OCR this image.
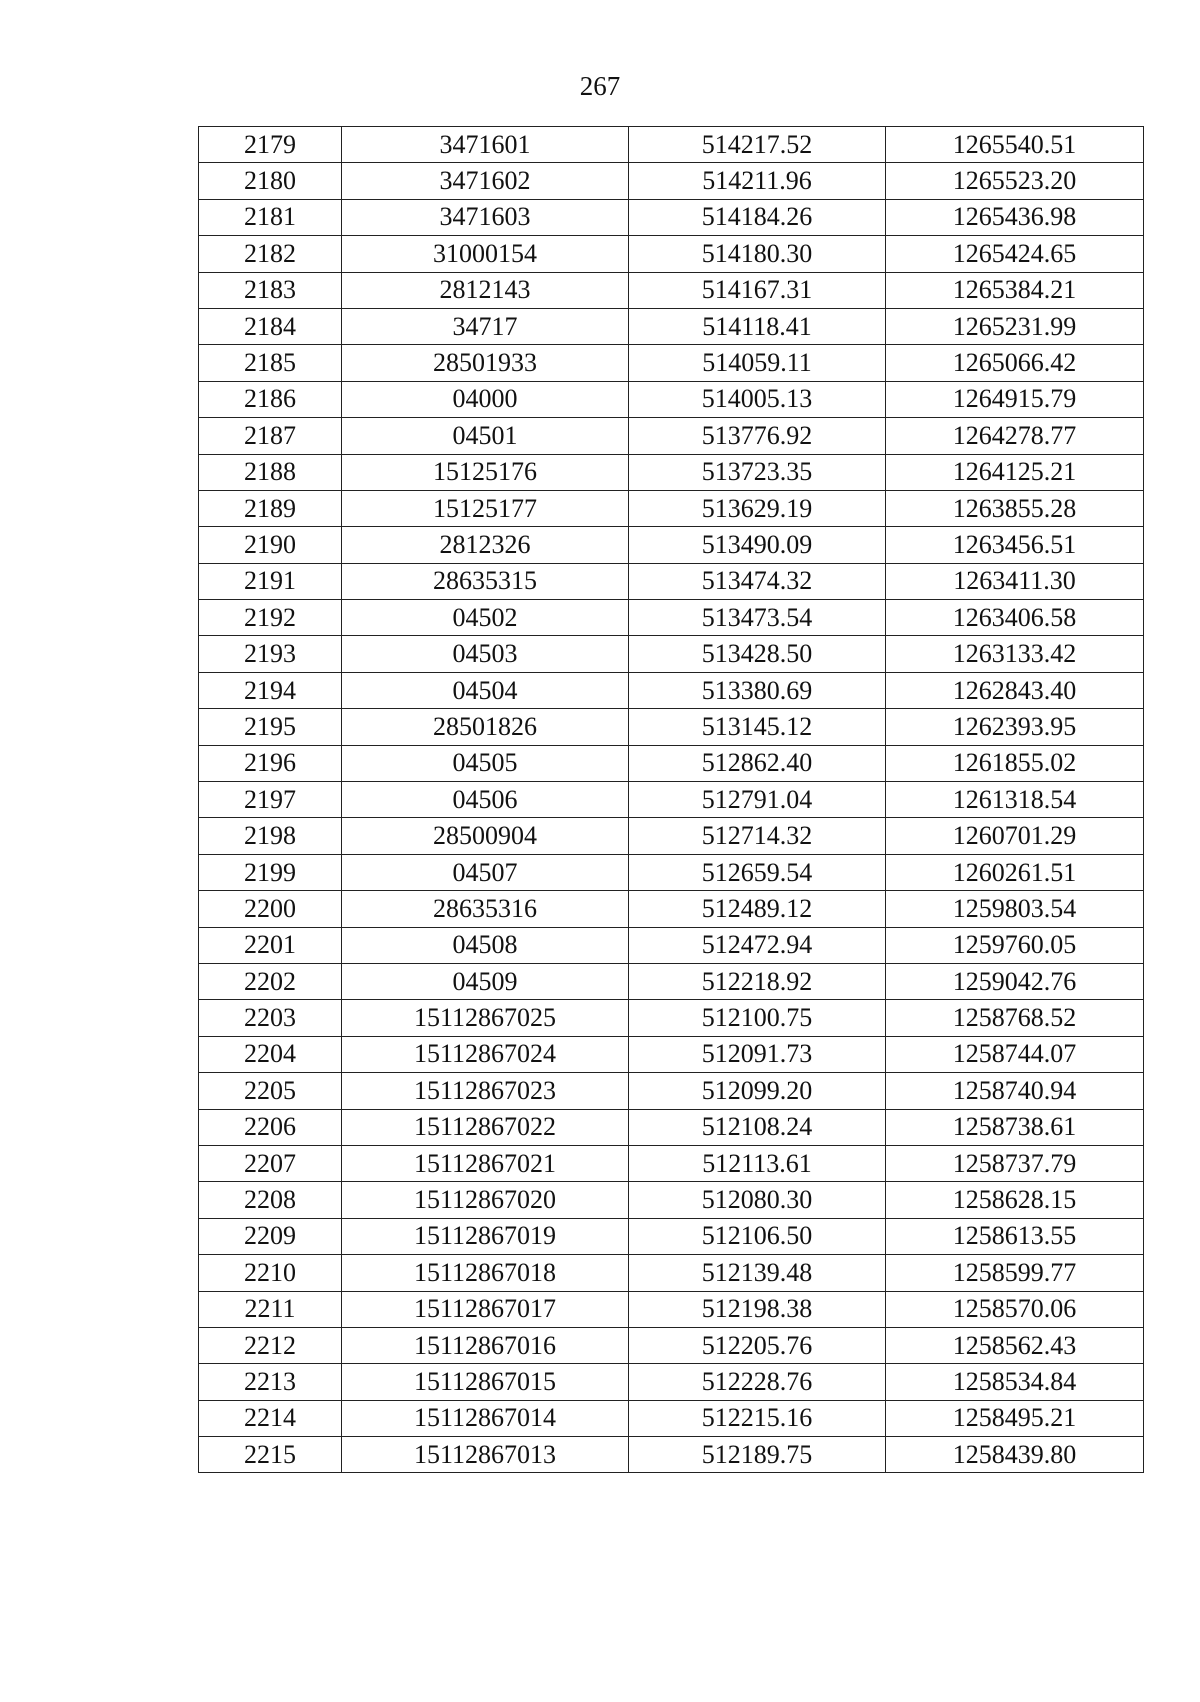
267
2179	3471601	514217.52	1265540.51
2180	3471602	514211.96	1265523.20
2181	3471603	514184.26	1265436.98
2182	31000154	514180.30	1265424.65
2183	2812143	514167.31	1265384.21
2184	34717	514118.41	1265231.99
2185	28501933	514059.11	1265066.42
2186	04000	514005.13	1264915.79
2187	04501	513776.92	1264278.77
2188	15125176	513723.35	1264125.21
2189	15125177	513629.19	1263855.28
2190	2812326	513490.09	1263456.51
2191	28635315	513474.32	1263411.30
2192	04502	513473.54	1263406.58
2193	04503	513428.50	1263133.42
2194	04504	513380.69	1262843.40
2195	28501826	513145.12	1262393.95
2196	04505	512862.40	1261855.02
2197	04506	512791.04	1261318.54
2198	28500904	512714.32	1260701.29
2199	04507	512659.54	1260261.51
2200	28635316	512489.12	1259803.54
2201	04508	512472.94	1259760.05
2202	04509	512218.92	1259042.76
2203	15112867025	512100.75	1258768.52
2204	15112867024	512091.73	1258744.07
2205	15112867023	512099.20	1258740.94
2206	15112867022	512108.24	1258738.61
2207	15112867021	512113.61	1258737.79
2208	15112867020	512080.30	1258628.15
2209	15112867019	512106.50	1258613.55
2210	15112867018	512139.48	1258599.77
2211	15112867017	512198.38	1258570.06
2212	15112867016	512205.76	1258562.43
2213	15112867015	512228.76	1258534.84
2214	15112867014	512215.16	1258495.21
2215	15112867013	512189.75	1258439.80
